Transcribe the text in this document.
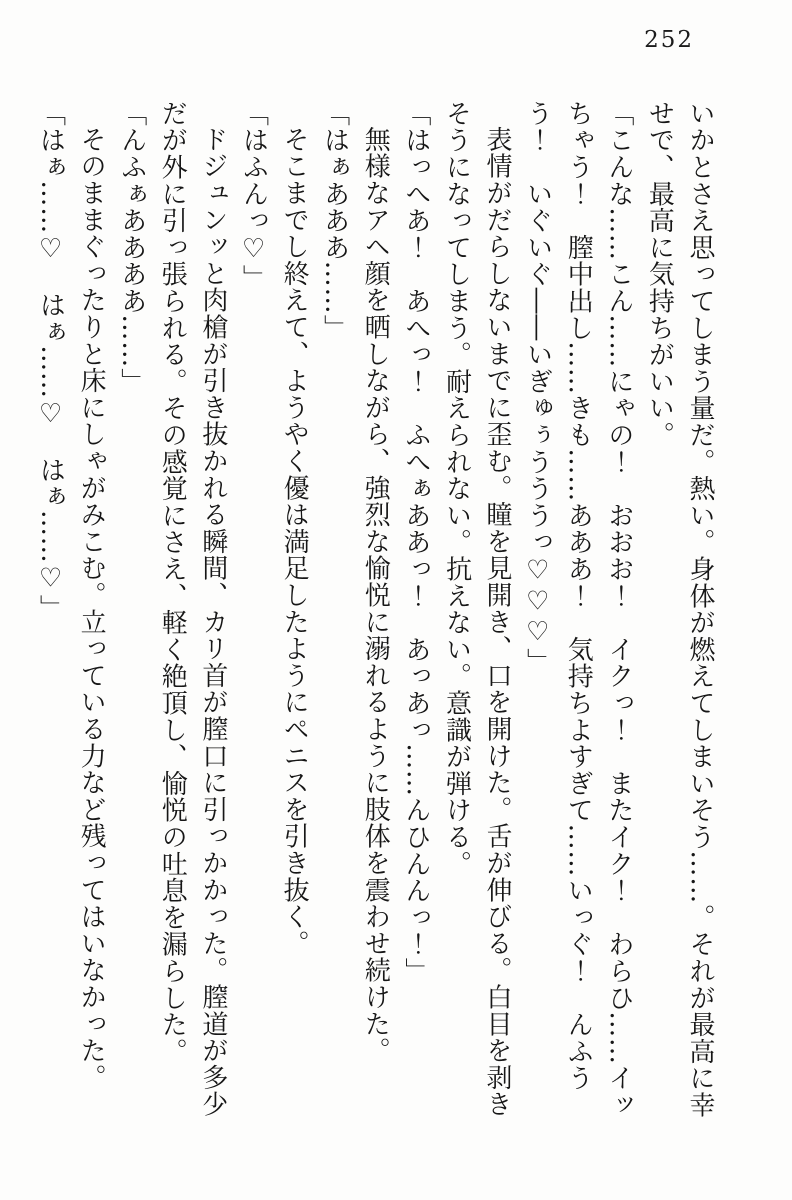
252

いかとさえ思ってしまう量だ。熱い。身体が燃えてしまいそう……。それが最高に幸せで、最高に気持ちがいい。

「こんな……こん……にゃの！　おおお！　イクっ！　またイク！　わらひ……イッちゃう！　膣中出し……きも……あああ！　気持ちよすぎて……いっぐ！　んふうう！　いぐいぐ――いぎゅぅうううっ♡♡♡」

表情がだらしないまでに歪む。瞳を見開き、口を開けた。舌が伸びる。白目を剥きそうになってしまう。耐えられない。抗えない。意識が弾ける。

「はっへあ！　あへっ！　ふへぁああっ！　あっあっ……んひんんっ！」

無様なアヘ顔を晒しながら、強烈な愉悦に溺れるように肢体を震わせ続けた。

「はぁあああ……」

そこまでし終えて、ようやく優は満足したようにペニスを引き抜く。

「はふんっ♡」

ドジュンッと肉槍が引き抜かれる瞬間、カリ首が膣口に引っかかった。膣道が多少だが外に引っ張られる。その感覚にさえ、軽く絶頂し、愉悦の吐息を漏らした。

「んふぁああああ……」

そのままぐったりと床にしゃがみこむ。立っている力など残ってはいなかった。

「はぁ……♡　はぁ……♡　はぁ……♡」
